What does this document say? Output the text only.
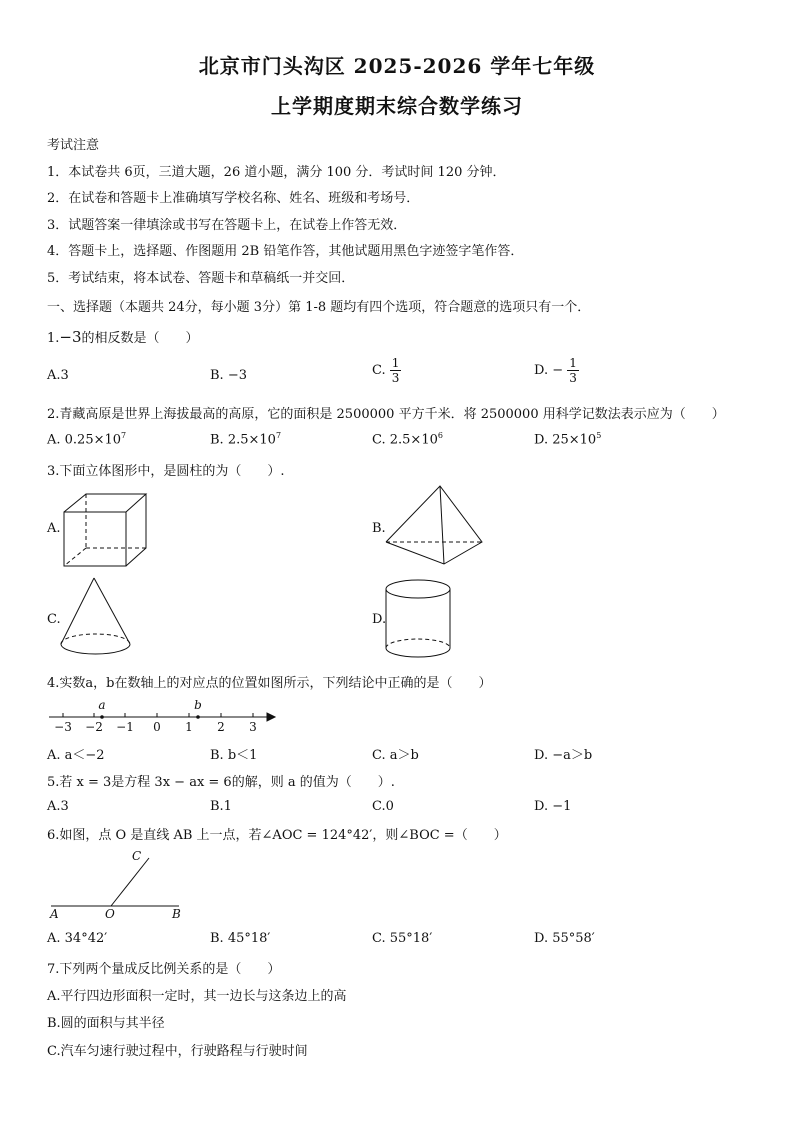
北京市门头沟区 2025-2026 学年七年级
上学期度期末综合数学练习
考试注意
1．本试卷共 6页，三道大题，26 道小题，满分 100 分．考试时间 120 分钟．
2．在试卷和答题卡上准确填写学校名称、姓名、班级和考场号．
3．试题答案一律填涂或书写在答题卡上，在试卷上作答无效．
4．答题卡上，选择题、作图题用 2B 铅笔作答，其他试题用黑色字迹签字笔作答．
5．考试结束，将本试卷、答题卡和草稿纸一并交回．
一、选择题（本题共 24分，每小题 3分）第 1-8 题均有四个选项，符合题意的选项只有一个．
1.−3的相反数是（　　）
A.3	B. −3	C. $\frac{1}{3}$	D. − $\frac{1}{3}$
2.青藏高原是世界上海拔最高的高原，它的面积是 2500000 平方千米．将 2500000 用科学记数法表示应为（　　）
A. $0.25\times 10^7$	B. $2.5\times 10^7$	C. $2.5\times 10^6$	D. $25\times 10^5$
3.下面立体图形中，是圆柱的为（　　）.
A.	B.
C.	D.
4.实数a，b在数轴上的对应点的位置如图所示，下列结论中正确的是（　　）
−3 −2 −1 0 1 2 3
a	b
A. a＜−2	B. b＜1	C. a＞b	D. −a＞b
5.若 x = 3是方程 3x − ax = 6的解，则 a 的值为（　　）.
A.3	B.1	C.0	D. −1
6.如图，点 O 是直线 AB 上一点，若∠AOC = 124°42′，则∠BOC =（　　）
C
A	O	B
A. 34°42′	B. 45°18′	C. 55°18′	D. 55°58′
7.下列两个量成反比例关系的是（　　）
A.平行四边形面积一定时，其一边长与这条边上的高
B.圆的面积与其半径
C.汽车匀速行驶过程中，行驶路程与行驶时间
